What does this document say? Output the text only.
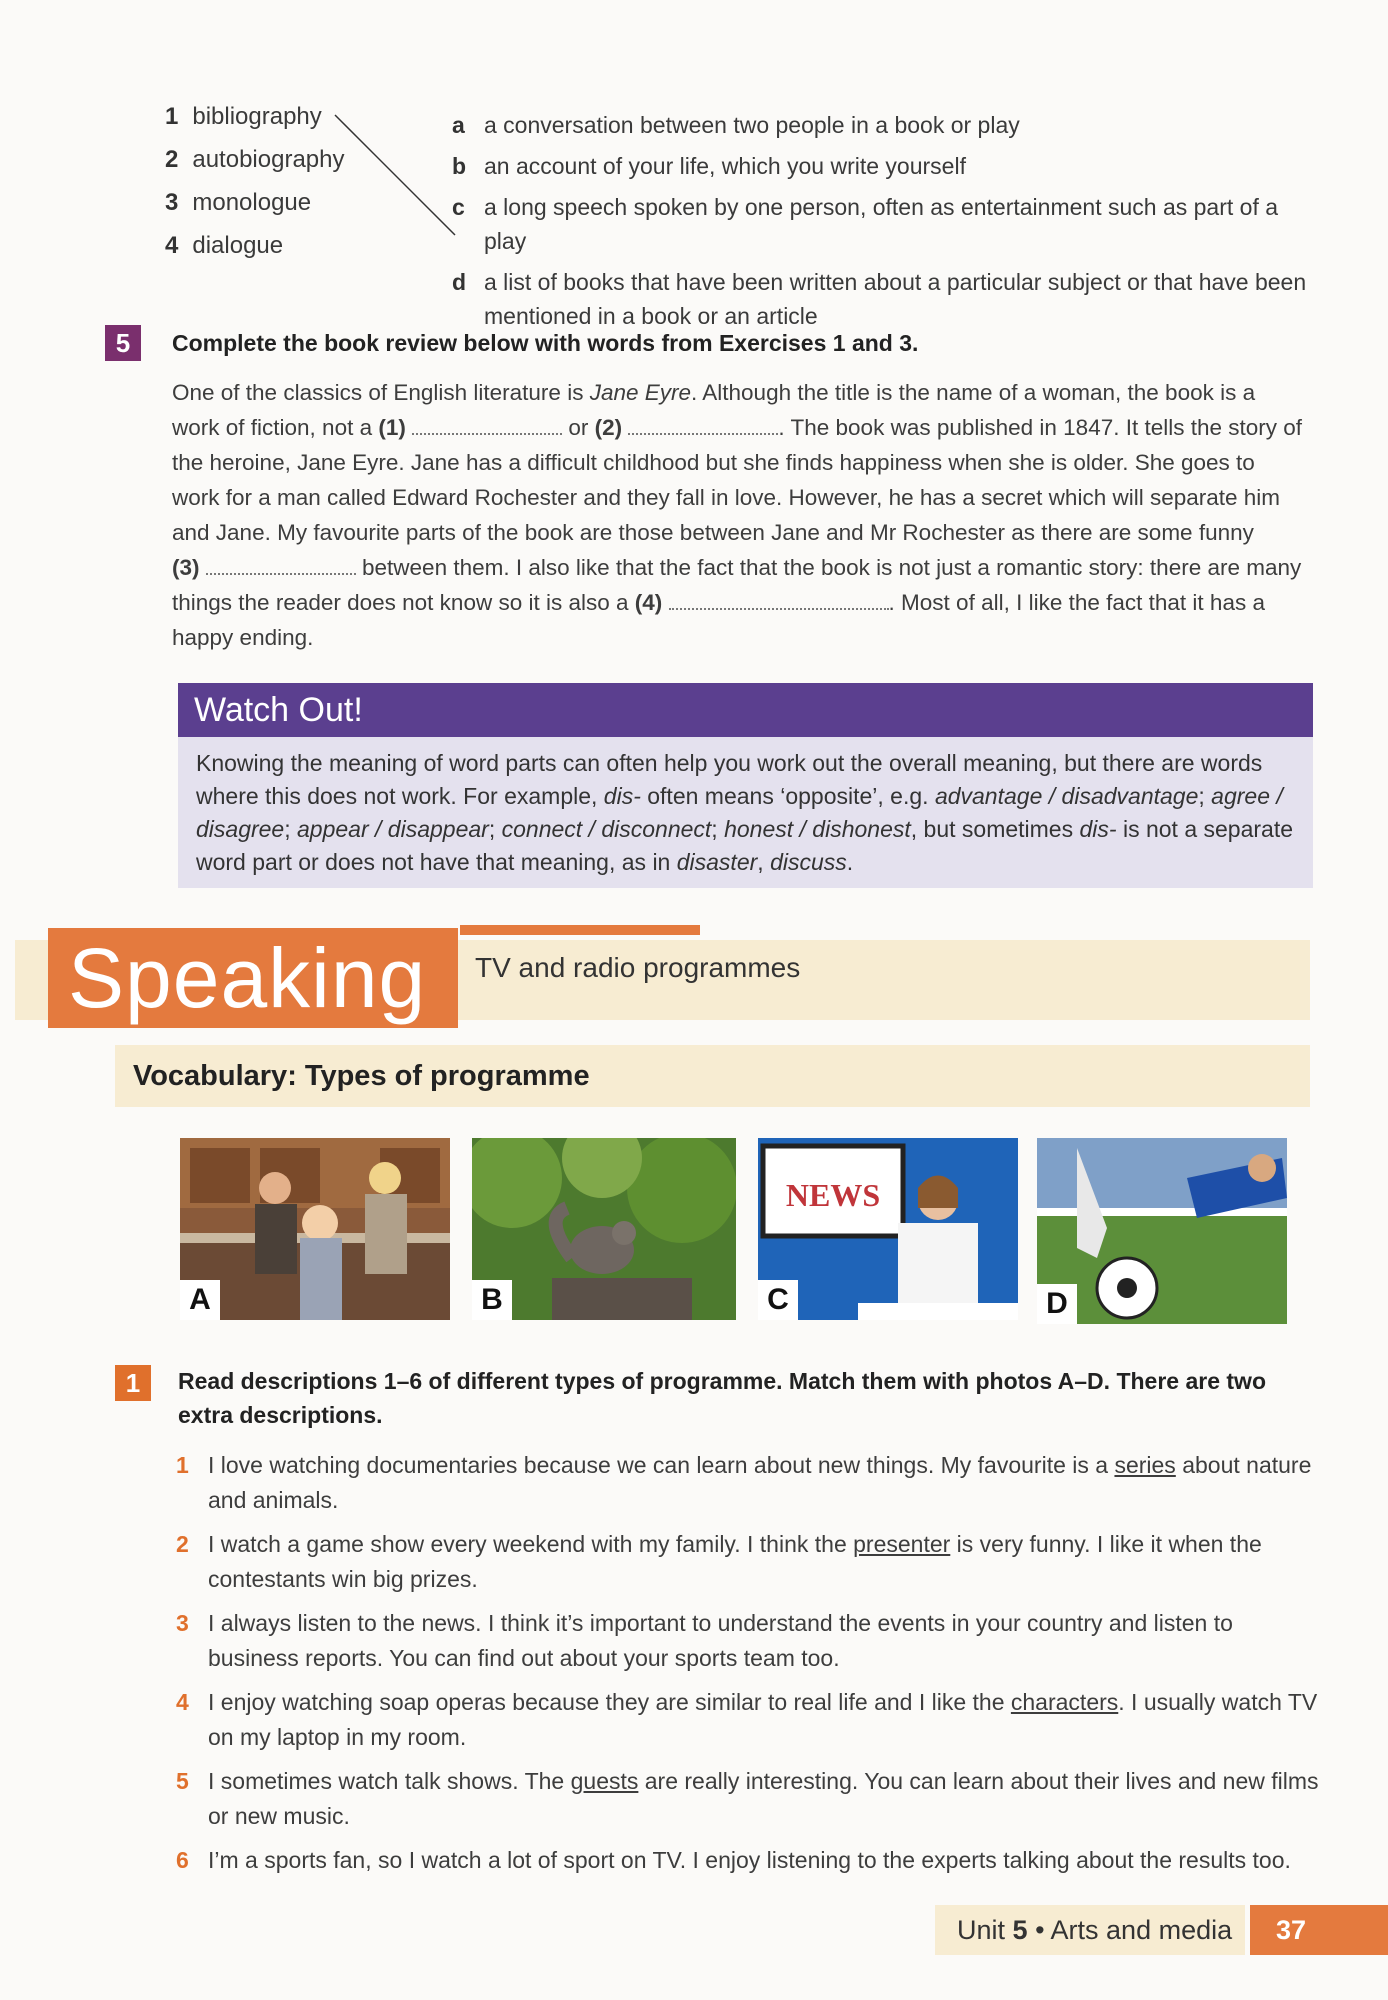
1 bibliography
2 autobiography
3 monologue
4 dialogue
a a conversation between two people in a book or play
b an account of your life, which you write yourself
c a long speech spoken by one person, often as entertainment such as part of a play
d a list of books that have been written about a particular subject or that have been mentioned in a book or an article
5	Complete the book review below with words from Exercises 1 and 3.
One of the classics of English literature is Jane Eyre. Although the title is the name of a woman, the book is a work of fiction, not a (1)	or (2)	. The book was published in 1847. It tells the story of the heroine, Jane Eyre. Jane has a difficult childhood but she finds happiness when she is older. She goes to work for a man called Edward Rochester and they fall in love. However, he has a secret which will separate him and Jane. My favourite parts of the book are those between Jane and Mr Rochester as there are some funny
(3)	between them. I also like that the fact that the book is not just a romantic story: there are many things the reader does not know so it is also a (4)	. Most of all, I like the fact that it has a happy ending.
Watch Out!
Knowing the meaning of word parts can often help you work out the overall meaning, but there are words where this does not work. For example, dis- often means ‘opposite’, e.g. advantage / disadvantage; agree / disagree; appear / disappear; connect / disconnect; honest / dishonest, but sometimes dis- is not a separate word part or does not have that meaning, as in disaster, discuss.
Speaking	TV and radio programmes
Vocabulary: Types of programme
A	B
NEWS
C	D
1	Read descriptions 1–6 of different types of programme. Match them with photos A–D. There are two extra descriptions.
1 I love watching documentaries because we can learn about new things. My favourite is a series about nature and animals.
2 I watch a game show every weekend with my family. I think the presenter is very funny. I like it when the contestants win big prizes.
3 I always listen to the news. I think it’s important to understand the events in your country and listen to business reports. You can find out about your sports team too.
4 I enjoy watching soap operas because they are similar to real life and I like the characters. I usually watch TV on my laptop in my room.
5 I sometimes watch talk shows. The guests are really interesting. You can learn about their lives and new films or new music.
6 I’m a sports fan, so I watch a lot of sport on TV. I enjoy listening to the experts talking about the results too.
Unit 5 • Arts and media	37
